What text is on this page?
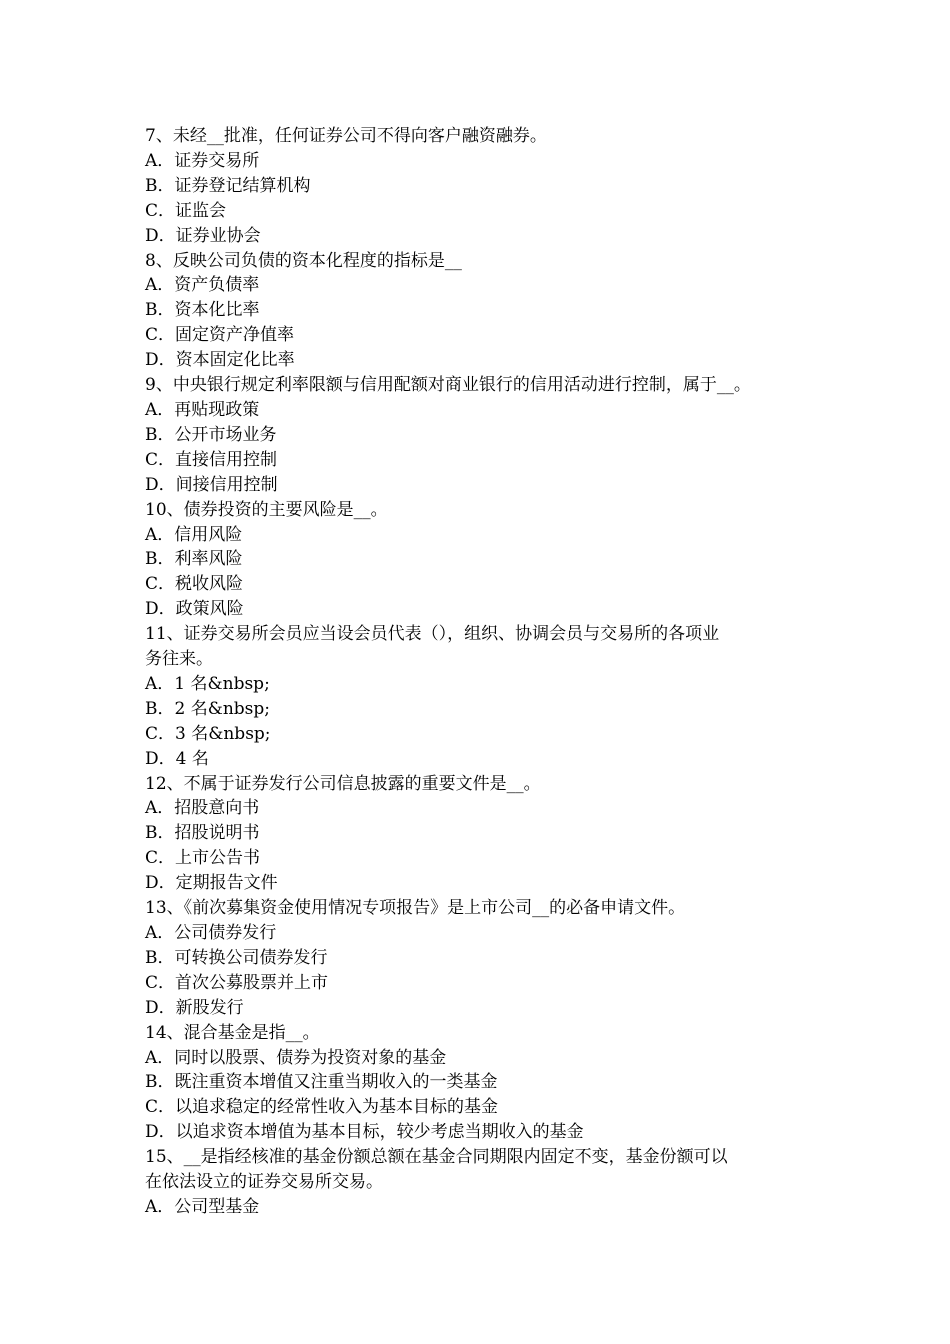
7、未经__批准，任何证券公司不得向客户融资融券。
A．证券交易所
B．证券登记结算机构
C．证监会
D．证券业协会
8、反映公司负债的资本化程度的指标是__
A．资产负债率
B．资本化比率
C．固定资产净值率
D．资本固定化比率
9、中央银行规定利率限额与信用配额对商业银行的信用活动进行控制，属于__。
A．再贴现政策
B．公开市场业务
C．直接信用控制
D．间接信用控制
10、债券投资的主要风险是__。
A．信用风险
B．利率风险
C．税收风险
D．政策风险
11、证券交易所会员应当设会员代表（），组织、协调会员与交易所的各项业
务往来。
A．1 名&nbsp;
B．2 名&nbsp;
C．3 名&nbsp;
D．4 名
12、不属于证券发行公司信息披露的重要文件是__。
A．招股意向书
B．招股说明书
C．上市公告书
D．定期报告文件
13、《前次募集资金使用情况专项报告》是上市公司__的必备申请文件。
A．公司债券发行
B．可转换公司债券发行
C．首次公募股票并上市
D．新股发行
14、混合基金是指__。
A．同时以股票、债券为投资对象的基金
B．既注重资本增值又注重当期收入的一类基金
C．以追求稳定的经常性收入为基本目标的基金
D．以追求资本增值为基本目标，较少考虑当期收入的基金
15、__是指经核准的基金份额总额在基金合同期限内固定不变，基金份额可以
在依法设立的证券交易所交易。
A．公司型基金
